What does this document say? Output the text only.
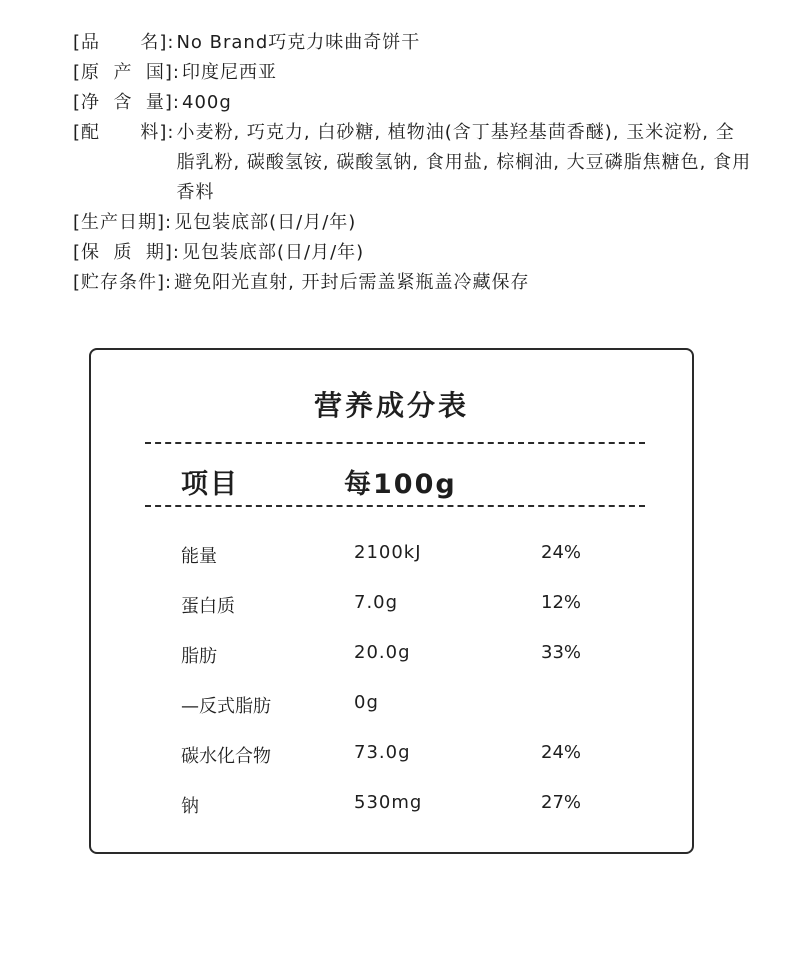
[品      名]: No Brand巧克力味曲奇饼干
[原  产  国]: 印度尼西亚
[净  含  量]: 400g
[配      料]: 小麦粉, 巧克力, 白砂糖, 植物油(含丁基羟基茴香醚), 玉米淀粉, 全脂乳粉, 碳酸氢铵, 碳酸氢钠, 食用盐, 棕榈油, 大豆磷脂焦糖色, 食用香料
[生产日期]: 见包装底部(日/月/年)
[保  质  期]: 见包装底部(日/月/年)
[贮存条件]: 避免阳光直射, 开封后需盖紧瓶盖冷藏保存
营养成分表
项目	每100g
能量	2100kJ	24%
蛋白质	7.0g	12%
脂肪	20.0g	33%
—反式脂肪	0g
碳水化合物	73.0g	24%
钠	530mg	27%
